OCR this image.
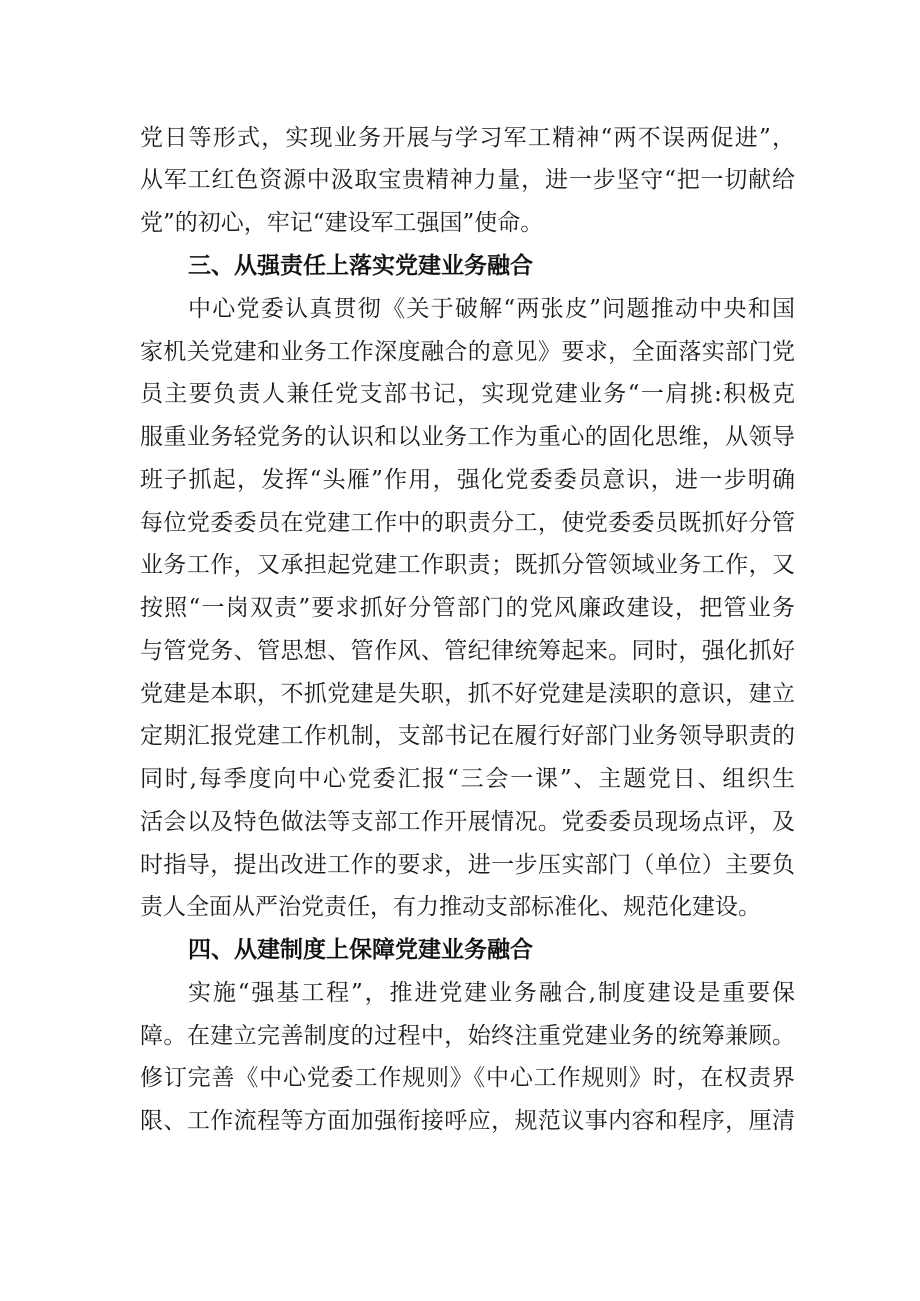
党日等形式，实现业务开展与学习军工精神“两不误两促进”，
从军工红色资源中汲取宝贵精神力量，进一步坚守“把一切献给
党”的初心，牢记“建设军工强国”使命。
三、从强责任上落实党建业务融合
中心党委认真贯彻《关于破解“两张皮”问题推动中央和国
家机关党建和业务工作深度融合的意见》要求，全面落实部门党
员主要负责人兼任党支部书记，实现党建业务“一肩挑:积极克
服重业务轻党务的认识和以业务工作为重心的固化思维，从领导
班子抓起，发挥“头雁”作用，强化党委委员意识，进一步明确
每位党委委员在党建工作中的职责分工，使党委委员既抓好分管
业务工作，又承担起党建工作职责；既抓分管领域业务工作，又
按照“一岗双责”要求抓好分管部门的党风廉政建设，把管业务
与管党务、管思想、管作风、管纪律统筹起来。同时，强化抓好
党建是本职，不抓党建是失职，抓不好党建是渎职的意识，建立
定期汇报党建工作机制，支部书记在履行好部门业务领导职责的
同时,每季度向中心党委汇报“三会一课”、主题党日、组织生
活会以及特色做法等支部工作开展情况。党委委员现场点评，及
时指导，提出改进工作的要求，进一步压实部门（单位）主要负
责人全面从严治党责任，有力推动支部标准化、规范化建设。
四、从建制度上保障党建业务融合
实施“强基工程”，推进党建业务融合,制度建设是重要保
障。在建立完善制度的过程中，始终注重党建业务的统筹兼顾。
修订完善《中心党委工作规则》《中心工作规则》时，在权责界
限、工作流程等方面加强衔接呼应，规范议事内容和程序，厘清
